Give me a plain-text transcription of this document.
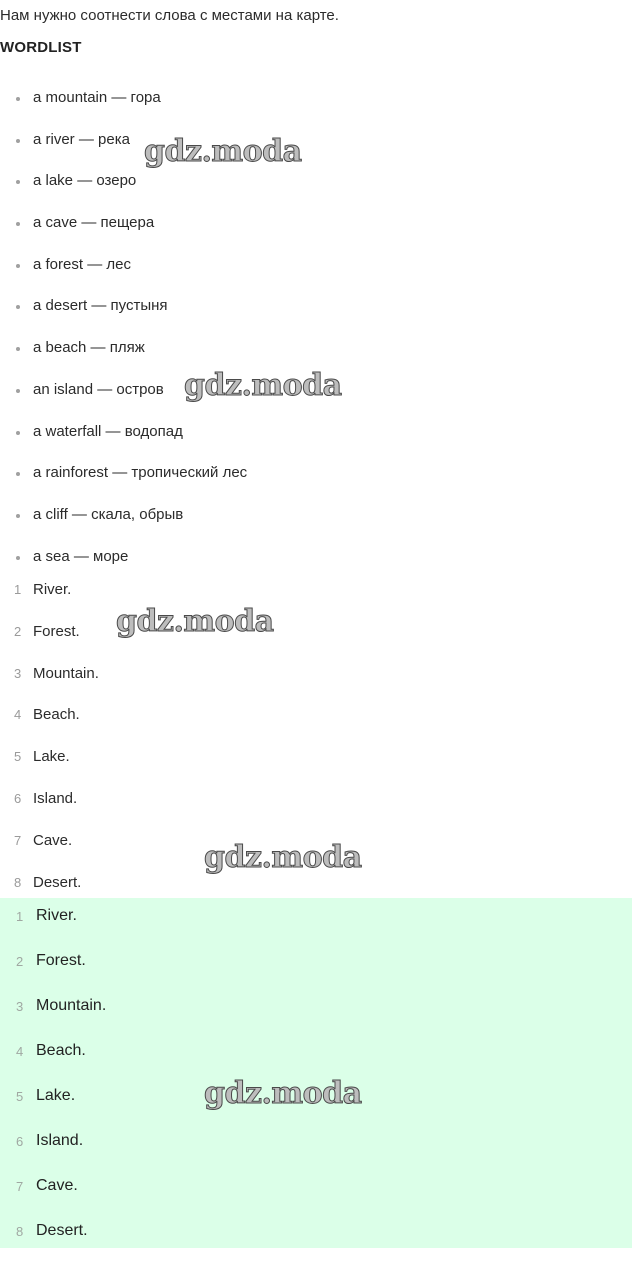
Нам нужно соотнести слова с местами на карте.
WORDLIST
a mountain — гора
a river — река
a lake — озеро
a cave — пещера
a forest — лес
a desert — пустыня
a beach — пляж
an island — остров
a waterfall — водопад
a rainforest — тропический лес
a cliff — скала, обрыв
a sea — море
1 River.
2 Forest.
3 Mountain.
4 Beach.
5 Lake.
6 Island.
7 Cave.
8 Desert.
1 River.
2 Forest.
3 Mountain.
4 Beach.
5 Lake.
6 Island.
7 Cave.
8 Desert.
gdz.moda
gdz.moda
gdz.moda
gdz.moda
gdz.moda
